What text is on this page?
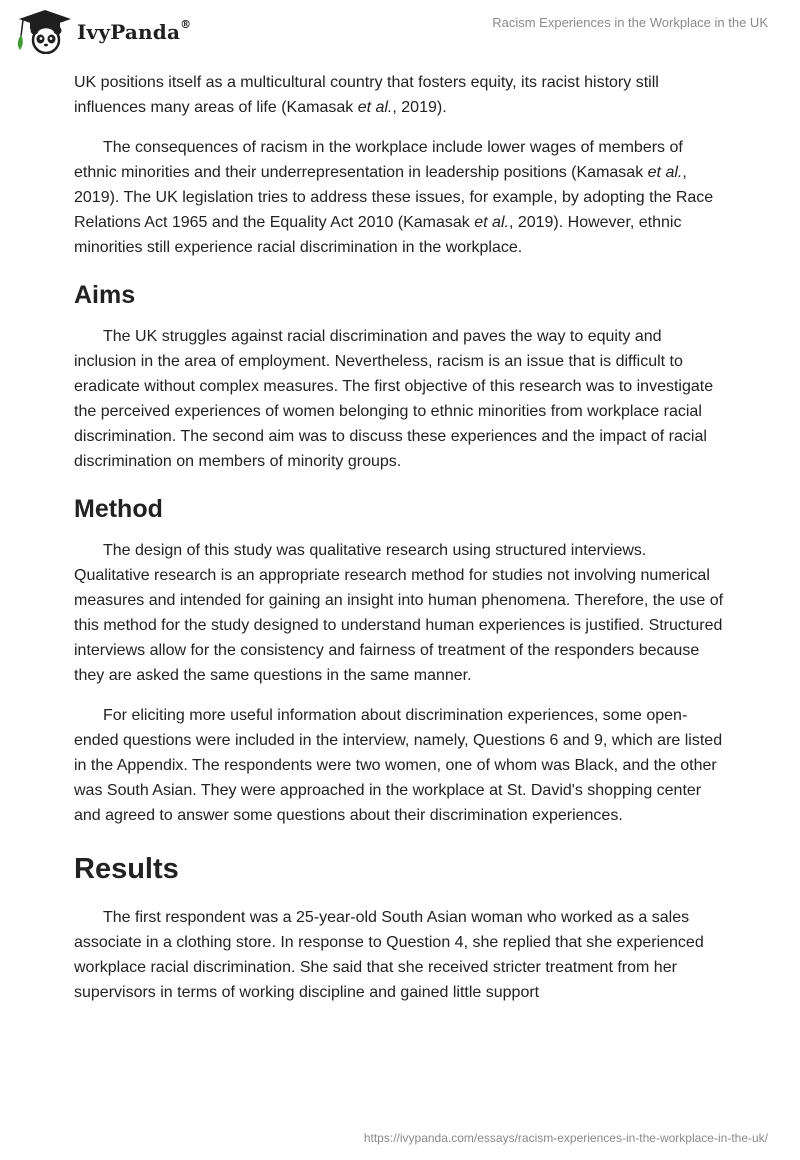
IvyPanda®	Racism Experiences in the Workplace in the UK

UK positions itself as a multicultural country that fosters equity, its racist history still influences many areas of life (Kamasak et al., 2019).

The consequences of racism in the workplace include lower wages of members of ethnic minorities and their underrepresentation in leadership positions (Kamasak et al., 2019). The UK legislation tries to address these issues, for example, by adopting the Race Relations Act 1965 and the Equality Act 2010 (Kamasak et al., 2019). However, ethnic minorities still experience racial discrimination in the workplace.

Aims

The UK struggles against racial discrimination and paves the way to equity and inclusion in the area of employment. Nevertheless, racism is an issue that is difficult to eradicate without complex measures. The first objective of this research was to investigate the perceived experiences of women belonging to ethnic minorities from workplace racial discrimination. The second aim was to discuss these experiences and the impact of racial discrimination on members of minority groups.

Method

The design of this study was qualitative research using structured interviews. Qualitative research is an appropriate research method for studies not involving numerical measures and intended for gaining an insight into human phenomena. Therefore, the use of this method for the study designed to understand human experiences is justified. Structured interviews allow for the consistency and fairness of treatment of the responders because they are asked the same questions in the same manner.

For eliciting more useful information about discrimination experiences, some open-ended questions were included in the interview, namely, Questions 6 and 9, which are listed in the Appendix. The respondents were two women, one of whom was Black, and the other was South Asian. They were approached in the workplace at St. David's shopping center and agreed to answer some questions about their discrimination experiences.

Results

The first respondent was a 25-year-old South Asian woman who worked as a sales associate in a clothing store. In response to Question 4, she replied that she experienced workplace racial discrimination. She said that she received stricter treatment from her supervisors in terms of working discipline and gained little support

https://ivypanda.com/essays/racism-experiences-in-the-workplace-in-the-uk/
